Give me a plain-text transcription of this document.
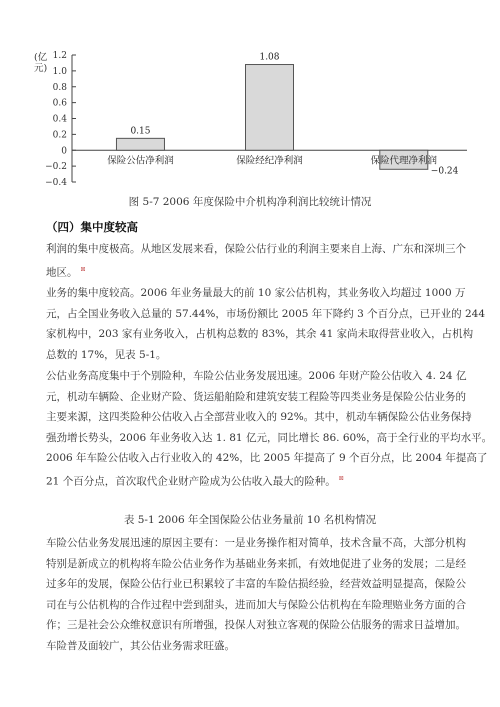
1.2
1.0
0.8
0.6
0.4
0.2
0
−0.2
−0.4
(亿
元)
0.15
保险公估净利润
1.08
保险经纪净利润
−0.24
保险代理净利润
图 5-7 2006 年度保险中介机构净利润比较统计情况
（四）集中度较高
利润的集中度极高。从地区发展来看，保险公估行业的利润主要来自上海、广东和深圳三个
地区。 ⊠
业务的集中度较高。2006 年业务量最大的前 10 家公估机构，其业务收入均超过 1000 万
元，占全国业务收入总量的 57.44%，市场份额比 2005 年下降约 3 个百分点，已开业的 244
家机构中，203 家有业务收入，占机构总数的 83%，其余 41 家尚未取得营业收入，占机构
总数的 17%，见表 5-1。
公估业务高度集中于个别险种，车险公估业务发展迅速。2006 年财产险公估收入 4. 24 亿
元，机动车辆险、企业财产险、货运船舶险和建筑安装工程险等四类业务是保险公估业务的
主要来源，这四类险种公估收入占全部营业收入的 92%。其中，机动车辆保险公估业务保持
强劲增长势头，2006 年业务收入达 1. 81 亿元，同比增长 86. 60%，高于全行业的平均水平。
2006 年车险公估收入占行业收入的 42%，比 2005 年提高了 9 个百分点，比 2004 年提高了
21 个百分点，首次取代企业财产险成为公估收入最大的险种。 ⊠
表 5-1 2006 年全国保险公估业务量前 10 名机构情况
车险公估业务发展迅速的原因主要有：一是业务操作相对简单，技术含量不高，大部分机构
特别是新成立的机构将车险公估业务作为基础业务来抓，有效地促进了业务的发展；二是经
过多年的发展，保险公估行业已积累较了丰富的车险估损经验，经营效益明显提高，保险公
司在与公估机构的合作过程中尝到甜头，进而加大与保险公估机构在车险理赔业务方面的合
作；三是社会公众维权意识有所增强，投保人对独立客观的保险公估服务的需求日益增加。
车险普及面较广，其公估业务需求旺盛。
